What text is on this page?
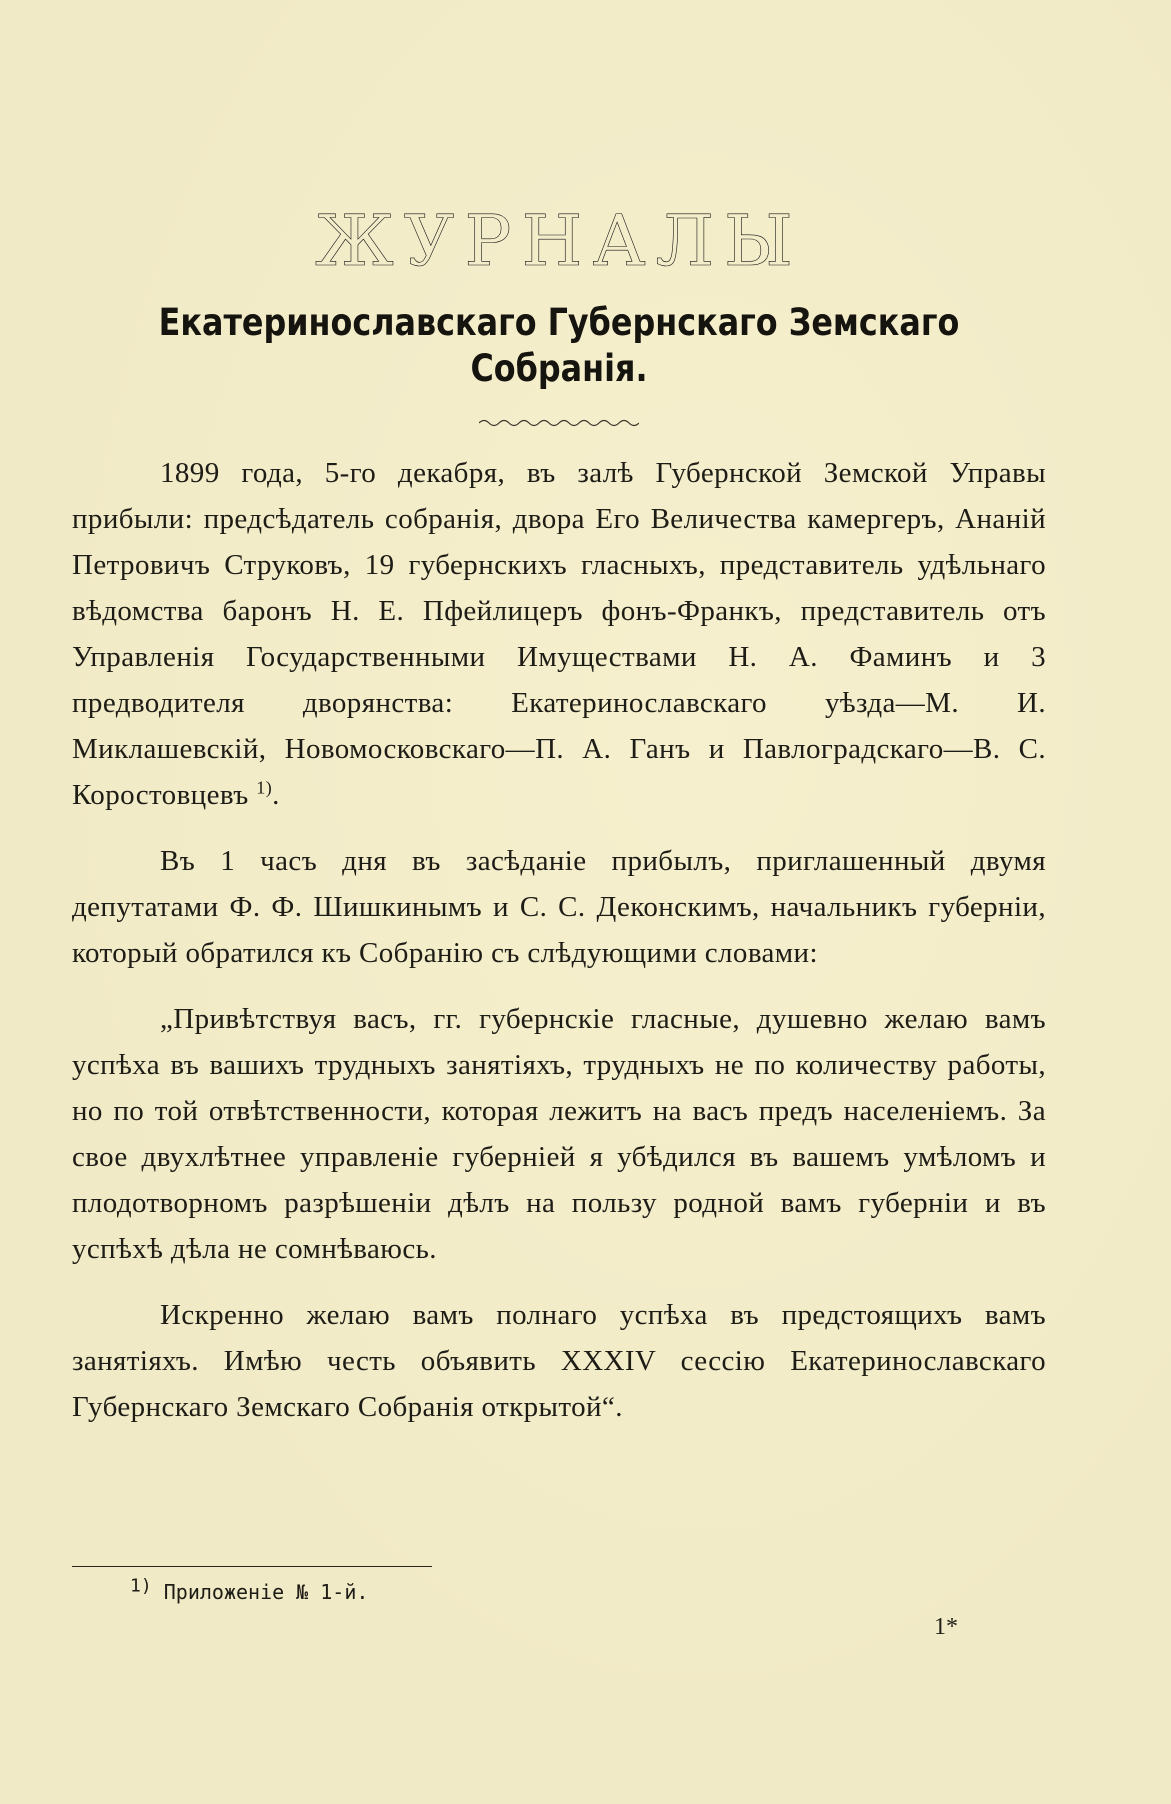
ЖУРНАЛЫ
Екатеринославскаго Губернскаго Земскаго Собранія.

1899 года, 5-го декабря, въ залѣ Губернской Земской Управы прибыли: предсѣдатель собранія, двора Его Величества камергеръ, Ананій Петровичъ Струковъ, 19 губернскихъ гласныхъ, представитель удѣльнаго вѣдомства баронъ Н. Е. Пфейлицеръ фонъ-Франкъ, представитель отъ Управленія Государственными Имуществами Н. А. Фаминъ и 3 предводителя дворянства: Екатеринославскаго уѣзда—М. И. Миклашевскій, Новомосковскаго—П. А. Ганъ и Павлоградскаго—В. С. Коростовцевъ $^{1)}$.

Въ 1 часъ дня въ засѣданіе прибылъ, приглашенный двумя депутатами Ф. Ф. Шишкинымъ и С. С. Деконскимъ, начальникъ губерніи, который обратился къ Собранію съ слѣдующими словами:

„Привѣтствуя васъ, гг. губернскіе гласные, душевно желаю вамъ успѣха въ вашихъ трудныхъ занятіяхъ, трудныхъ не по количеству работы, но по той отвѣтственности, которая лежитъ на васъ предъ населеніемъ. За свое двухлѣтнее управленіе губерніей я убѣдился въ вашемъ умѣломъ и плодотворномъ разрѣшеніи дѣлъ на пользу родной вамъ губерніи и въ успѣхѣ дѣла не сомнѣваюсь.

Искренно желаю вамъ полнаго успѣха въ предстоящихъ вамъ занятіяхъ. Имѣю честь объявить XXXIV сессію Екатеринославскаго Губернскаго Земскаго Собранія открытой“.

$^{1)}$ Приложеніе № 1-й.
1*
